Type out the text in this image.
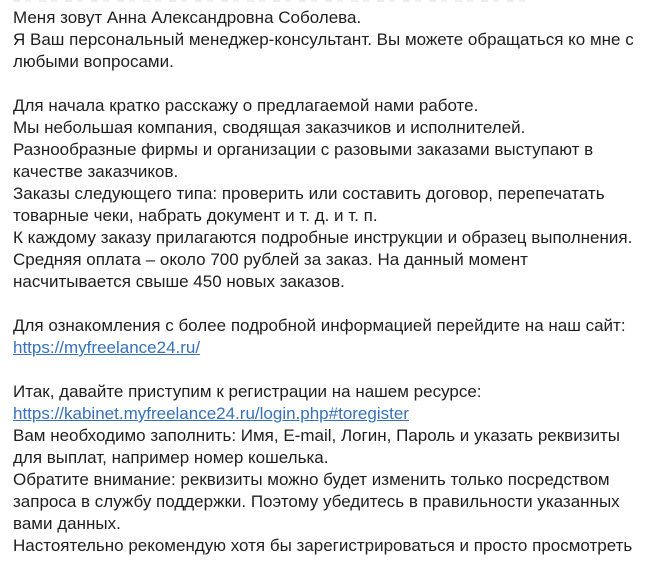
Меня зовут Анна Александровна Соболева.
Я Ваш персональный менеджер-консультант. Вы можете обращаться ко мне с
любыми вопросами.
Для начала кратко расскажу о предлагаемой нами работе.
Мы небольшая компания, сводящая заказчиков и исполнителей.
Разнообразные фирмы и организации с разовыми заказами выступают в
качестве заказчиков.
Заказы следующего типа: проверить или составить договор, перепечатать
товарные чеки, набрать документ и т. д. и т. п.
К каждому заказу прилагаются подробные инструкции и образец выполнения.
Средняя оплата – около 700 рублей за заказ. На данный момент
насчитывается свыше 450 новых заказов.
Для ознакомления с более подробной информацией перейдите на наш сайт:
https://myfreelance24.ru/
Итак, давайте приступим к регистрации на нашем ресурсе:
https://kabinet.myfreelance24.ru/login.php#toregister
Вам необходимо заполнить: Имя, E-mail, Логин, Пароль и указать реквизиты
для выплат, например номер кошелька.
Обратите внимание: реквизиты можно будет изменить только посредством
запроса в службу поддержки. Поэтому убедитесь в правильности указанных
вами данных.
Настоятельно рекомендую хотя бы зарегистрироваться и просто просмотреть
